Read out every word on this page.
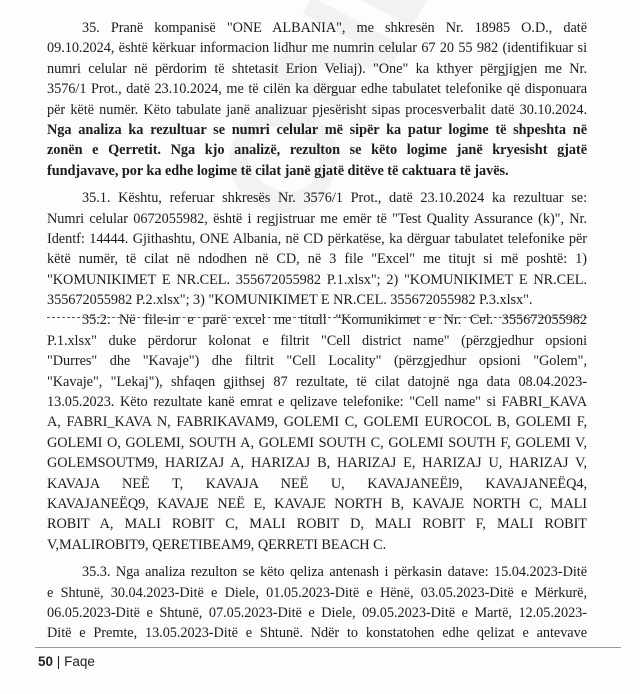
35. Pranë kompanisë "ONE ALBANIA", me shkresën Nr. 18985 O.D., datë
09.10.2024, është kërkuar informacion lidhur me numrin celular 67 20 55 982 (identifikuar si
numri celular në përdorim të shtetasit Erion Veliaj). "One" ka kthyer përgjigjen me Nr.
3576/1 Prot., datë 23.10.2024, me të cilën ka dërguar edhe tabulatet telefonike që disponuara
për këtë numër. Këto tabulate janë analizuar pjesërisht sipas procesverbalit datë 30.10.2024.
Nga analiza ka rezultuar se numri celular më sipër ka patur logime të shpeshta në
zonën e Qerretit. Nga kjo analizë, rezulton se këto logime janë kryesisht gjatë
fundjavave, por ka edhe logime të cilat janë gjatë ditëve të caktuara të javës.
35.1. Kështu, referuar shkresës Nr. 3576/1 Prot., datë 23.10.2024 ka rezultuar se:
Numri celular 0672055982, është i regjistruar me emër të "Test Quality Assurance (k)", Nr.
Identf: 14444. Gjithashtu, ONE Albania, në CD përkatëse, ka dërguar tabulatet telefonike për
këtë numër, të cilat në ndodhen në CD, në 3 file "Excel" me titujt si më poshtë: 1)
"KOMUNIKIMET E NR.CEL. 355672055982 P.1.xlsx"; 2) "KOMUNIKIMET E NR.CEL.
355672055982 P.2.xlsx"; 3) "KOMUNIKIMET E NR.CEL. 355672055982 P.3.xlsx".
35.2. Në file-in e parë excel me titull "Komunikimet e Nr. Cel. 355672055982
P.1.xlsx" duke përdorur kolonat e filtrit "Cell district name" (përzgjedhur opsioni
"Durres" dhe "Kavaje") dhe filtrit "Cell Locality" (përzgjedhur opsioni "Golem",
"Kavaje", "Lekaj"), shfaqen gjithsej 87 rezultate, të cilat datojnë nga data 08.04.2023-
13.05.2023. Këto rezultate kanë emrat e qelizave telefonike: "Cell name" si FABRI_KAVA
A, FABRI_KAVA N, FABRIKAVAM9, GOLEMI C, GOLEMI EUROCOL B, GOLEMI F,
GOLEMI O, GOLEMI, SOUTH A, GOLEMI SOUTH C, GOLEMI SOUTH F, GOLEMI V,
GOLEMSOUTM9, HARIZAJ A, HARIZAJ B, HARIZAJ E, HARIZAJ U, HARIZAJ V,
KAVAJA NEË T, KAVAJA NEË U, KAVAJANEËl9, KAVAJANEËQ4,
KAVAJANEËQ9, KAVAJE NEË E, KAVAJE NORTH B, KAVAJE NORTH C, MALI
ROBIT A, MALI ROBIT C, MALI ROBIT D, MALI ROBIT F, MALI ROBIT
V,MALIROBIT9, QERETIBEAM9, QERRETI BEACH C.
35.3. Nga analiza rezulton se këto qeliza antenash i përkasin datave: 15.04.2023-Ditë
e Shtunë, 30.04.2023-Ditë e Diele, 01.05.2023-Ditë e Hënë, 03.05.2023-Ditë e Mërkurë,
06.05.2023-Ditë e Shtunë, 07.05.2023-Ditë e Diele, 09.05.2023-Ditë e Martë, 12.05.2023-
Ditë e Premte, 13.05.2023-Ditë e Shtunë. Ndër to konstatohen edhe qelizat e antevave
50 | Faqe
